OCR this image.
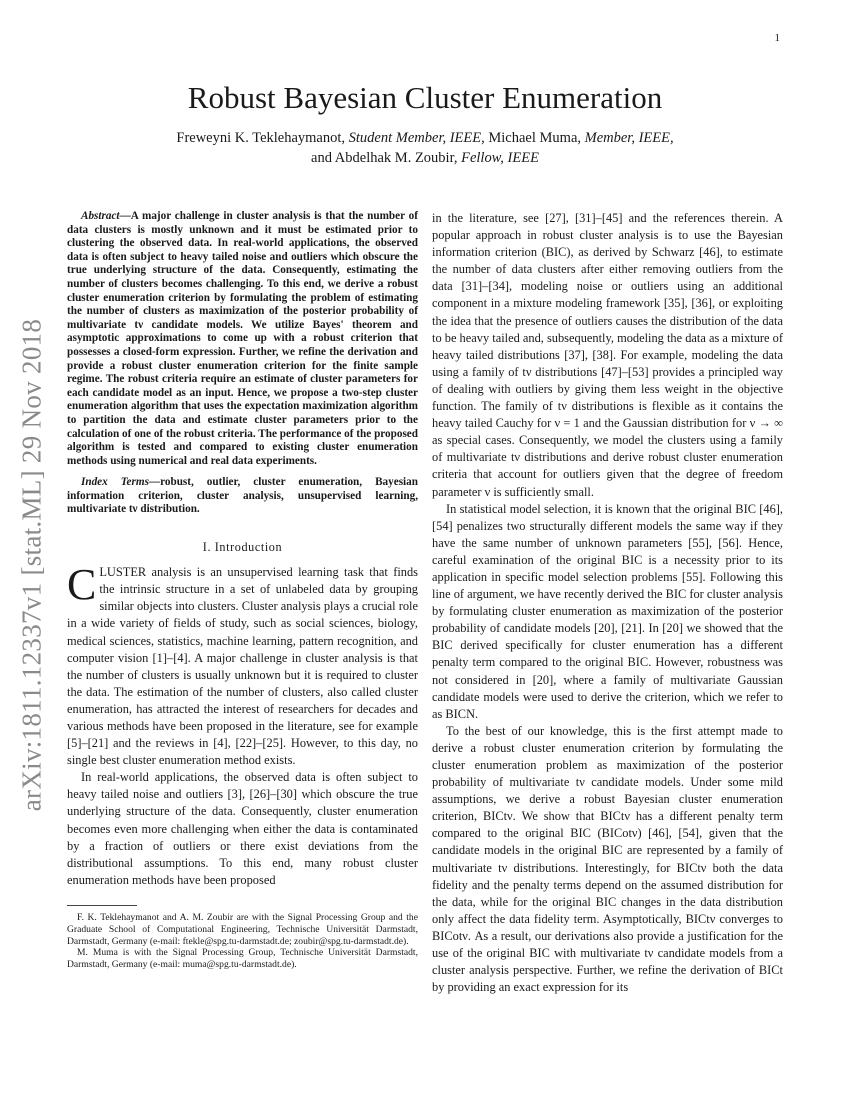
1
arXiv:1811.12337v1 [stat.ML] 29 Nov 2018
Robust Bayesian Cluster Enumeration
Freweyni K. Teklehaymanot, Student Member, IEEE, Michael Muma, Member, IEEE,
and Abdelhak M. Zoubir, Fellow, IEEE

Abstract—A major challenge in cluster analysis is that the number of data clusters is mostly unknown and it must be estimated prior to clustering the observed data. In real-world applications, the observed data is often subject to heavy tailed noise and outliers which obscure the true underlying structure of the data. Consequently, estimating the number of clusters becomes challenging. To this end, we derive a robust cluster enumeration criterion by formulating the problem of estimating the number of clusters as maximization of the posterior probability of multivariate tν candidate models. We utilize Bayes' theorem and asymptotic approximations to come up with a robust criterion that possesses a closed-form expression. Further, we refine the derivation and provide a robust cluster enumeration criterion for the finite sample regime. The robust criteria require an estimate of cluster parameters for each candidate model as an input. Hence, we propose a two-step cluster enumeration algorithm that uses the expectation maximization algorithm to partition the data and estimate cluster parameters prior to the calculation of one of the robust criteria. The performance of the proposed algorithm is tested and compared to existing cluster enumeration methods using numerical and real data experiments.

Index Terms—robust, outlier, cluster enumeration, Bayesian information criterion, cluster analysis, unsupervised learning, multivariate tν distribution.

I. Introduction

CLUSTER analysis is an unsupervised learning task that finds the intrinsic structure in a set of unlabeled data by grouping similar objects into clusters. Cluster analysis plays a crucial role in a wide variety of fields of study, such as social sciences, biology, medical sciences, statistics, machine learning, pattern recognition, and computer vision [1]–[4]. A major challenge in cluster analysis is that the number of clusters is usually unknown but it is required to cluster the data. The estimation of the number of clusters, also called cluster enumeration, has attracted the interest of researchers for decades and various methods have been proposed in the literature, see for example [5]–[21] and the reviews in [4], [22]–[25]. However, to this day, no single best cluster enumeration method exists.

In real-world applications, the observed data is often subject to heavy tailed noise and outliers [3], [26]–[30] which obscure the true underlying structure of the data. Consequently, cluster enumeration becomes even more challenging when either the data is contaminated by a fraction of outliers or there exist deviations from the distributional assumptions. To this end, many robust cluster enumeration methods have been proposed

F. K. Teklehaymanot and A. M. Zoubir are with the Signal Processing Group and the Graduate School of Computational Engineering, Technische Universität Darmstadt, Darmstadt, Germany (e-mail: ftekle@spg.tu-darmstadt.de; zoubir@spg.tu-darmstadt.de).

M. Muma is with the Signal Processing Group, Technische Universität Darmstadt, Darmstadt, Germany (e-mail: muma@spg.tu-darmstadt.de).

in the literature, see [27], [31]–[45] and the references therein. A popular approach in robust cluster analysis is to use the Bayesian information criterion (BIC), as derived by Schwarz [46], to estimate the number of data clusters after either removing outliers from the data [31]–[34], modeling noise or outliers using an additional component in a mixture modeling framework [35], [36], or exploiting the idea that the presence of outliers causes the distribution of the data to be heavy tailed and, subsequently, modeling the data as a mixture of heavy tailed distributions [37], [38]. For example, modeling the data using a family of tν distributions [47]–[53] provides a principled way of dealing with outliers by giving them less weight in the objective function. The family of tν distributions is flexible as it contains the heavy tailed Cauchy for ν = 1 and the Gaussian distribution for ν → ∞ as special cases. Consequently, we model the clusters using a family of multivariate tν distributions and derive robust cluster enumeration criteria that account for outliers given that the degree of freedom parameter ν is sufficiently small.

In statistical model selection, it is known that the original BIC [46], [54] penalizes two structurally different models the same way if they have the same number of unknown parameters [55], [56]. Hence, careful examination of the original BIC is a necessity prior to its application in specific model selection problems [55]. Following this line of argument, we have recently derived the BIC for cluster analysis by formulating cluster enumeration as maximization of the posterior probability of candidate models [20], [21]. In [20] we showed that the BIC derived specifically for cluster enumeration has a different penalty term compared to the original BIC. However, robustness was not considered in [20], where a family of multivariate Gaussian candidate models were used to derive the criterion, which we refer to as BICN.

To the best of our knowledge, this is the first attempt made to derive a robust cluster enumeration criterion by formulating the cluster enumeration problem as maximization of the posterior probability of multivariate tν candidate models. Under some mild assumptions, we derive a robust Bayesian cluster enumeration criterion, BICtν. We show that BICtν has a different penalty term compared to the original BIC (BICotν) [46], [54], given that the candidate models in the original BIC are represented by a family of multivariate tν distributions. Interestingly, for BICtν both the data fidelity and the penalty terms depend on the assumed distribution for the data, while for the original BIC changes in the data distribution only affect the data fidelity term. Asymptotically, BICtν converges to BICotν. As a result, our derivations also provide a justification for the use of the original BIC with multivariate tν candidate models from a cluster analysis perspective. Further, we refine the derivation of BICt by providing an exact expression for its
